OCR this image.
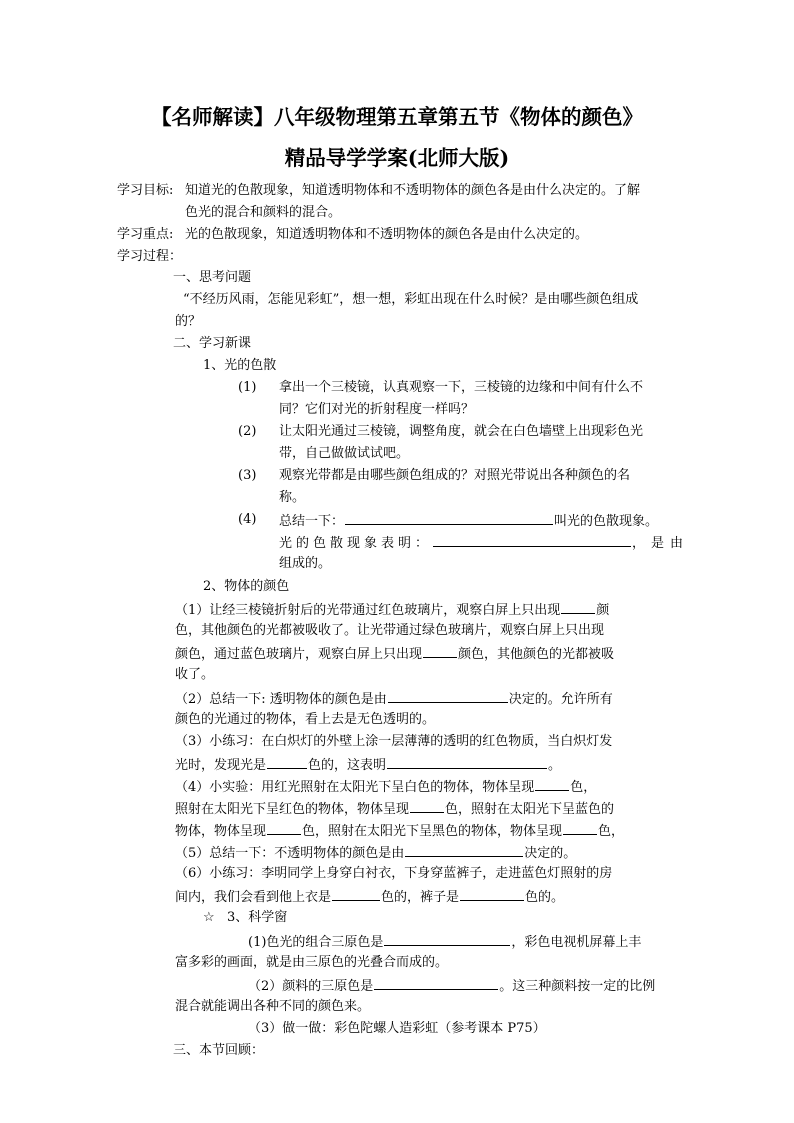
【名师解读】八年级物理第五章第五节《物体的颜色》
精品导学学案(北师大版)
学习目标: 知道光的色散现象，知道透明物体和不透明物体的颜色各是由什么决定的。了解
色光的混合和颜料的混合。
学习重点: 光的色散现象，知道透明物体和不透明物体的颜色各是由什么决定的。
学习过程：
一、思考问题
“不经历风雨，怎能见彩虹”，想一想，彩虹出现在什么时候？是由哪些颜色组成
的？
二、学习新课
1、光的色散
(1) 拿出一个三棱镜，认真观察一下，三棱镜的边缘和中间有什么不
同？它们对光的折射程度一样吗？
(2) 让太阳光通过三棱镜，调整角度，就会在白色墙壁上出现彩色光
带，自己做做试试吧。
(3) 观察光带都是由哪些颜色组成的？对照光带说出各种颜色的名
称。
(4) 总结一下：	叫光的色散现象。
光的色散现象表明：	，是由
组成的。
2、物体的颜色
（1）让经三棱镜折射后的光带通过红色玻璃片，观察白屏上只出现	颜
色，其他颜色的光都被吸收了。让光带通过绿色玻璃片，观察白屏上只出现
颜色，通过蓝色玻璃片，观察白屏上只出现	颜色，其他颜色的光都被吸
收了。
（2）总结一下: 透明物体的颜色是由	决定的。允许所有
颜色的光通过的物体，看上去是无色透明的。
（3）小练习：在白炽灯的外壁上涂一层薄薄的透明的红色物质，当白炽灯发
光时，发现光是	色的，这表明	。
（4）小实验：用红光照射在太阳光下呈白色的物体，物体呈现	色，
照射在太阳光下呈红色的物体，物体呈现	色，照射在太阳光下呈蓝色的
物体，物体呈现	色，照射在太阳光下呈黑色的物体，物体呈现	色，
（5）总结一下：不透明物体的颜色是由	决定的。
（6）小练习：李明同学上身穿白衬衣，下身穿蓝裤子，走进蓝色灯照射的房
间内，我们会看到他上衣是	色的，裤子是	色的。
☆ 3、科学窗
(1)色光的组合三原色是	，彩色电视机屏幕上丰
富多彩的画面，就是由三原色的光叠合而成的。
（2）颜料的三原色是	。这三种颜料按一定的比例
混合就能调出各种不同的颜色来。
（3）做一做：彩色陀螺人造彩虹（参考课本 P75）
三、本节回顾：
